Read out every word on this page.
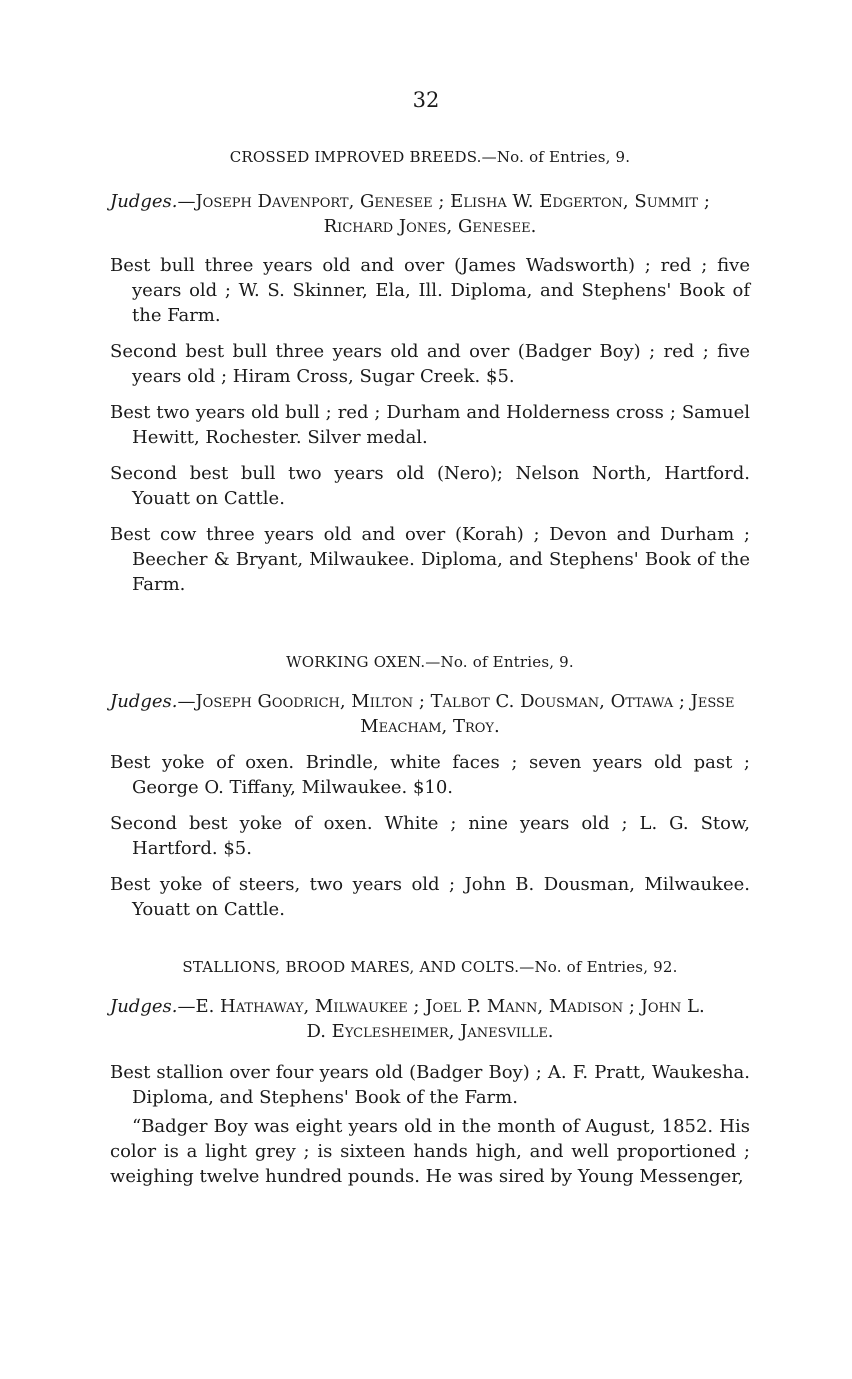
32
CROSSED IMPROVED BREEDS.—No. of Entries, 9.
Judges.—Joseph Davenport, Genesee ; Elisha W. Edgerton, Summit ;
Richard Jones, Genesee.

Best bull three years old and over (James Wadsworth) ; red ; five years old ; W. S. Skinner, Ela, Ill. Diploma, and Stephens' Book of the Farm.

Second best bull three years old and over (Badger Boy) ; red ; five years old ; Hiram Cross, Sugar Creek. $5.

Best two years old bull ; red ; Durham and Holderness cross ; Samuel Hewitt, Rochester. Silver medal.

Second best bull two years old (Nero); Nelson North, Hartford. Youatt on Cattle.

Best cow three years old and over (Korah) ; Devon and Durham ; Beecher & Bryant, Milwaukee. Diploma, and Stephens' Book of the Farm.

WORKING OXEN.—No. of Entries, 9.
Judges.—Joseph Goodrich, Milton ; Talbot C. Dousman, Ottawa ; Jesse
Meacham, Troy.

Best yoke of oxen. Brindle, white faces ; seven years old past ; George O. Tiffany, Milwaukee. $10.

Second best yoke of oxen. White ; nine years old ; L. G. Stow, Hartford. $5.

Best yoke of steers, two years old ; John B. Dousman, Milwaukee. Youatt on Cattle.

STALLIONS, BROOD MARES, AND COLTS.—No. of Entries, 92.
Judges.—E. Hathaway, Milwaukee ; Joel P. Mann, Madison ; John L.
D. Eyclesheimer, Janesville.

Best stallion over four years old (Badger Boy) ; A. F. Pratt, Waukesha. Diploma, and Stephens' Book of the Farm.

“Badger Boy was eight years old in the month of August, 1852. His color is a light grey ; is sixteen hands high, and well proportioned ; weighing twelve hundred pounds. He was sired by Young Messenger,
